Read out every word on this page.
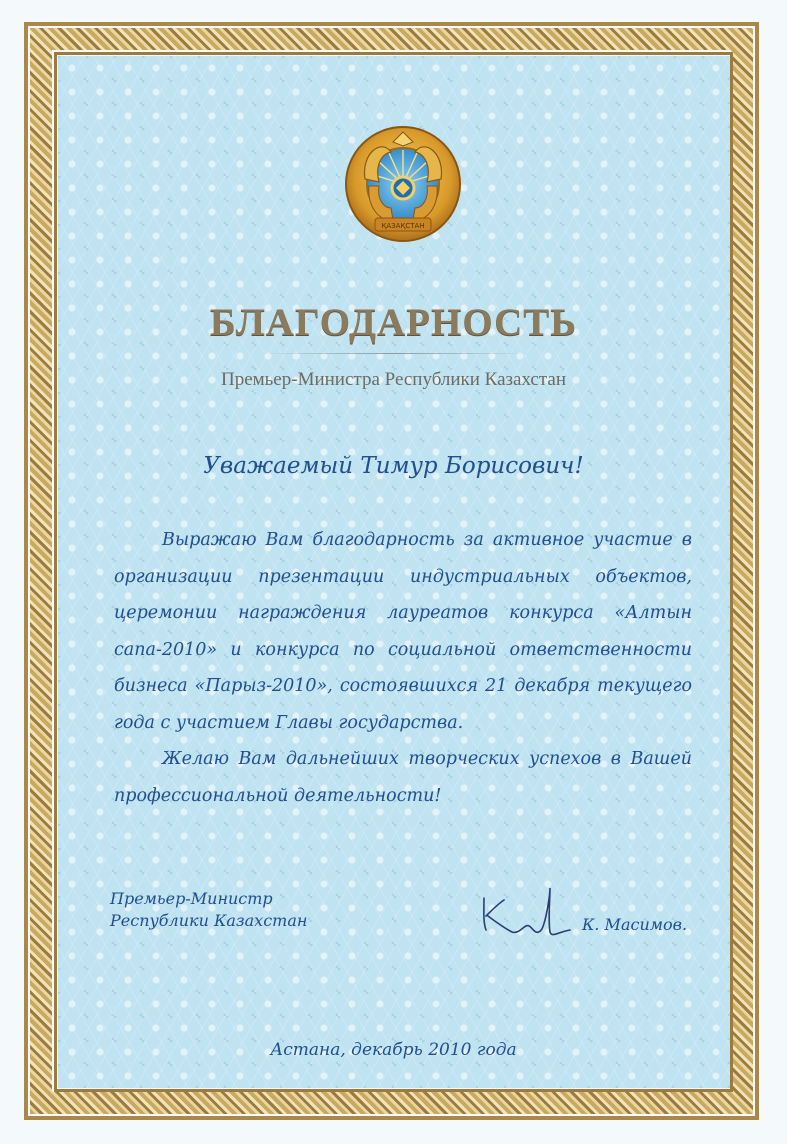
ҚАЗАҚСТАН
БЛАГОДАРНОСТЬ
Премьер-Министра Республики Казахстан
Уважаемый Тимур Борисович!

Выражаю Вам благодарность за активное участие в организации презентации индустриальных объектов, церемонии награждения лауреатов конкурса «Алтын сапа-2010» и конкурса по социальной ответственности бизнеса «Парыз-2010», состоявшихся 21 декабря текущего года с участием Главы государства.

Желаю Вам дальнейших творческих успехов в Вашей профессиональной деятельности!

Премьер-Министр
Республики Казахстан	К. Масимов.
Астана, декабрь 2010 года
